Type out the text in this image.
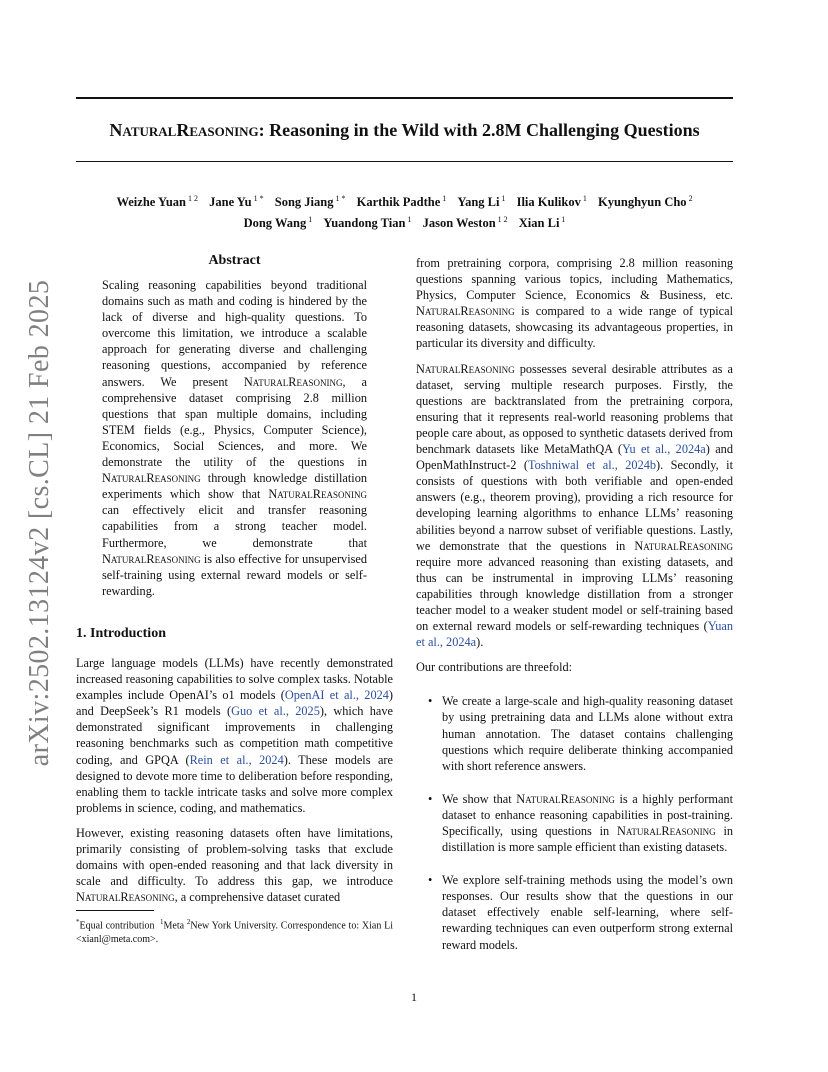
arXiv:2502.13124v2 [cs.CL] 21 Feb 2025
NaturalReasoning: Reasoning in the Wild with 2.8M Challenging Questions
Weizhe Yuan $^{1 2}$ Jane Yu $^{1 *}$ Song Jiang $^{1 *}$ Karthik Padthe $^1$ Yang Li $^1$ Ilia Kulikov $^1$ Kyunghyun Cho $^2$
Dong Wang $^1$ Yuandong Tian $^1$ Jason Weston $^{1 2}$ Xian Li $^1$
Abstract

Scaling reasoning capabilities beyond traditional domains such as math and coding is hindered by the lack of diverse and high-quality questions. To overcome this limitation, we introduce a scalable approach for generating diverse and challenging reasoning questions, accompanied by reference answers. We present NaturalReasoning, a comprehensive dataset comprising 2.8 million questions that span multiple domains, including STEM fields (e.g., Physics, Computer Science), Economics, Social Sciences, and more. We demonstrate the utility of the questions in NaturalReasoning through knowledge distillation experiments which show that NaturalReasoning can effectively elicit and transfer reasoning capabilities from a strong teacher model. Furthermore, we demonstrate that NaturalReasoning is also effective for unsupervised self-training using external reward models or self-rewarding.

1. Introduction

Large language models (LLMs) have recently demonstrated increased reasoning capabilities to solve complex tasks. Notable examples include OpenAI’s o1 models (OpenAI et al., 2024) and DeepSeek’s R1 models (Guo et al., 2025), which have demonstrated significant improvements in challenging reasoning benchmarks such as competition math competitive coding, and GPQA (Rein et al., 2024). These models are designed to devote more time to deliberation before responding, enabling them to tackle intricate tasks and solve more complex problems in science, coding, and mathematics.

However, existing reasoning datasets often have limitations, primarily consisting of problem-solving tasks that exclude domains with open-ended reasoning and that lack diversity in scale and difficulty. To address this gap, we introduce NaturalReasoning, a comprehensive dataset curated

*Equal contribution $^1$Meta $^2$New York University. Correspondence to: Xian Li <xianl@meta.com>.

from pretraining corpora, comprising 2.8 million reasoning questions spanning various topics, including Mathematics, Physics, Computer Science, Economics & Business, etc. NaturalReasoning is compared to a wide range of typical reasoning datasets, showcasing its advantageous properties, in particular its diversity and difficulty.

NaturalReasoning possesses several desirable attributes as a dataset, serving multiple research purposes. Firstly, the questions are backtranslated from the pretraining corpora, ensuring that it represents real-world reasoning problems that people care about, as opposed to synthetic datasets derived from benchmark datasets like MetaMathQA (Yu et al., 2024a) and OpenMathInstruct-2 (Toshniwal et al., 2024b). Secondly, it consists of questions with both verifiable and open-ended answers (e.g., theorem proving), providing a rich resource for developing learning algorithms to enhance LLMs’ reasoning abilities beyond a narrow subset of verifiable questions. Lastly, we demonstrate that the questions in NaturalReasoning require more advanced reasoning than existing datasets, and thus can be instrumental in improving LLMs’ reasoning capabilities through knowledge distillation from a stronger teacher model to a weaker student model or self-training based on external reward models or self-rewarding techniques (Yuan et al., 2024a).

Our contributions are threefold:

• We create a large-scale and high-quality reasoning dataset by using pretraining data and LLMs alone without extra human annotation. The dataset contains challenging questions which require deliberate thinking accompanied with short reference answers.
• We show that NaturalReasoning is a highly performant dataset to enhance reasoning capabilities in post-training. Specifically, using questions in NaturalReasoning in distillation is more sample efficient than existing datasets.
• We explore self-training methods using the model’s own responses. Our results show that the questions in our dataset effectively enable self-learning, where self-rewarding techniques can even outperform strong external reward models.
1
